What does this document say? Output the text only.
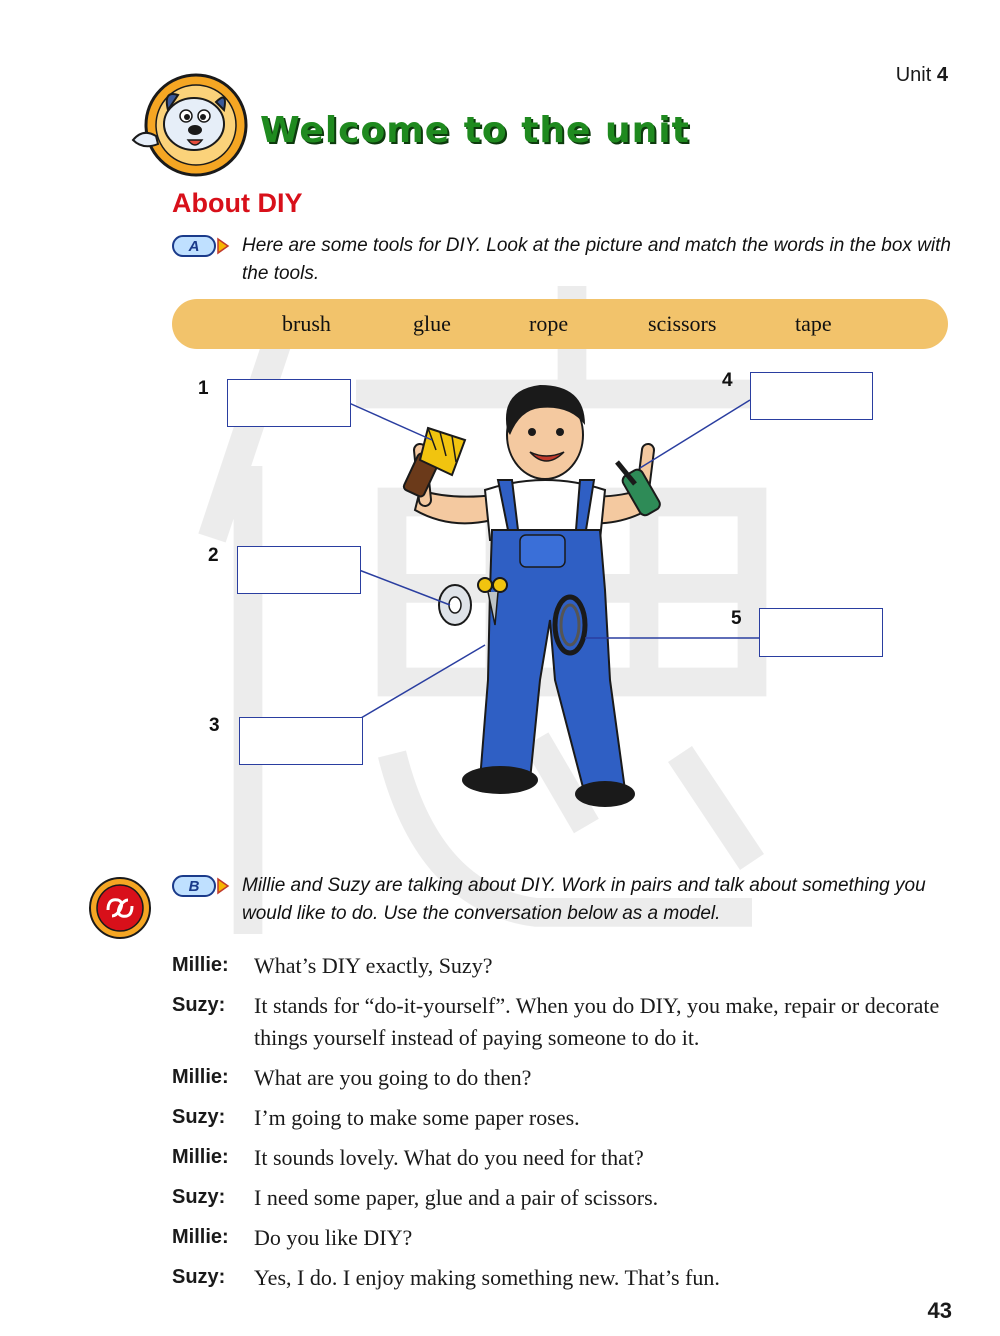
Unit 4
Welcome to the unit
About DIY
A Here are some tools for DIY. Look at the picture and match the words in the box with the tools.
brush	glue	rope	scissors	tape
1
2
3
4
5
B Millie and Suzy are talking about DIY. Work in pairs and talk about something you would like to do. Use the conversation below as a model.
Millie:	What’s DIY exactly, Suzy?
Suzy:	It stands for “do-it-yourself”. When you do DIY, you make, repair or decorate things yourself instead of paying someone to do it.
Millie:	What are you going to do then?
Suzy:	I’m going to make some paper roses.
Millie:	It sounds lovely. What do you need for that?
Suzy:	I need some paper, glue and a pair of scissors.
Millie:	Do you like DIY?
Suzy:	Yes, I do. I enjoy making something new. That’s fun.
43
